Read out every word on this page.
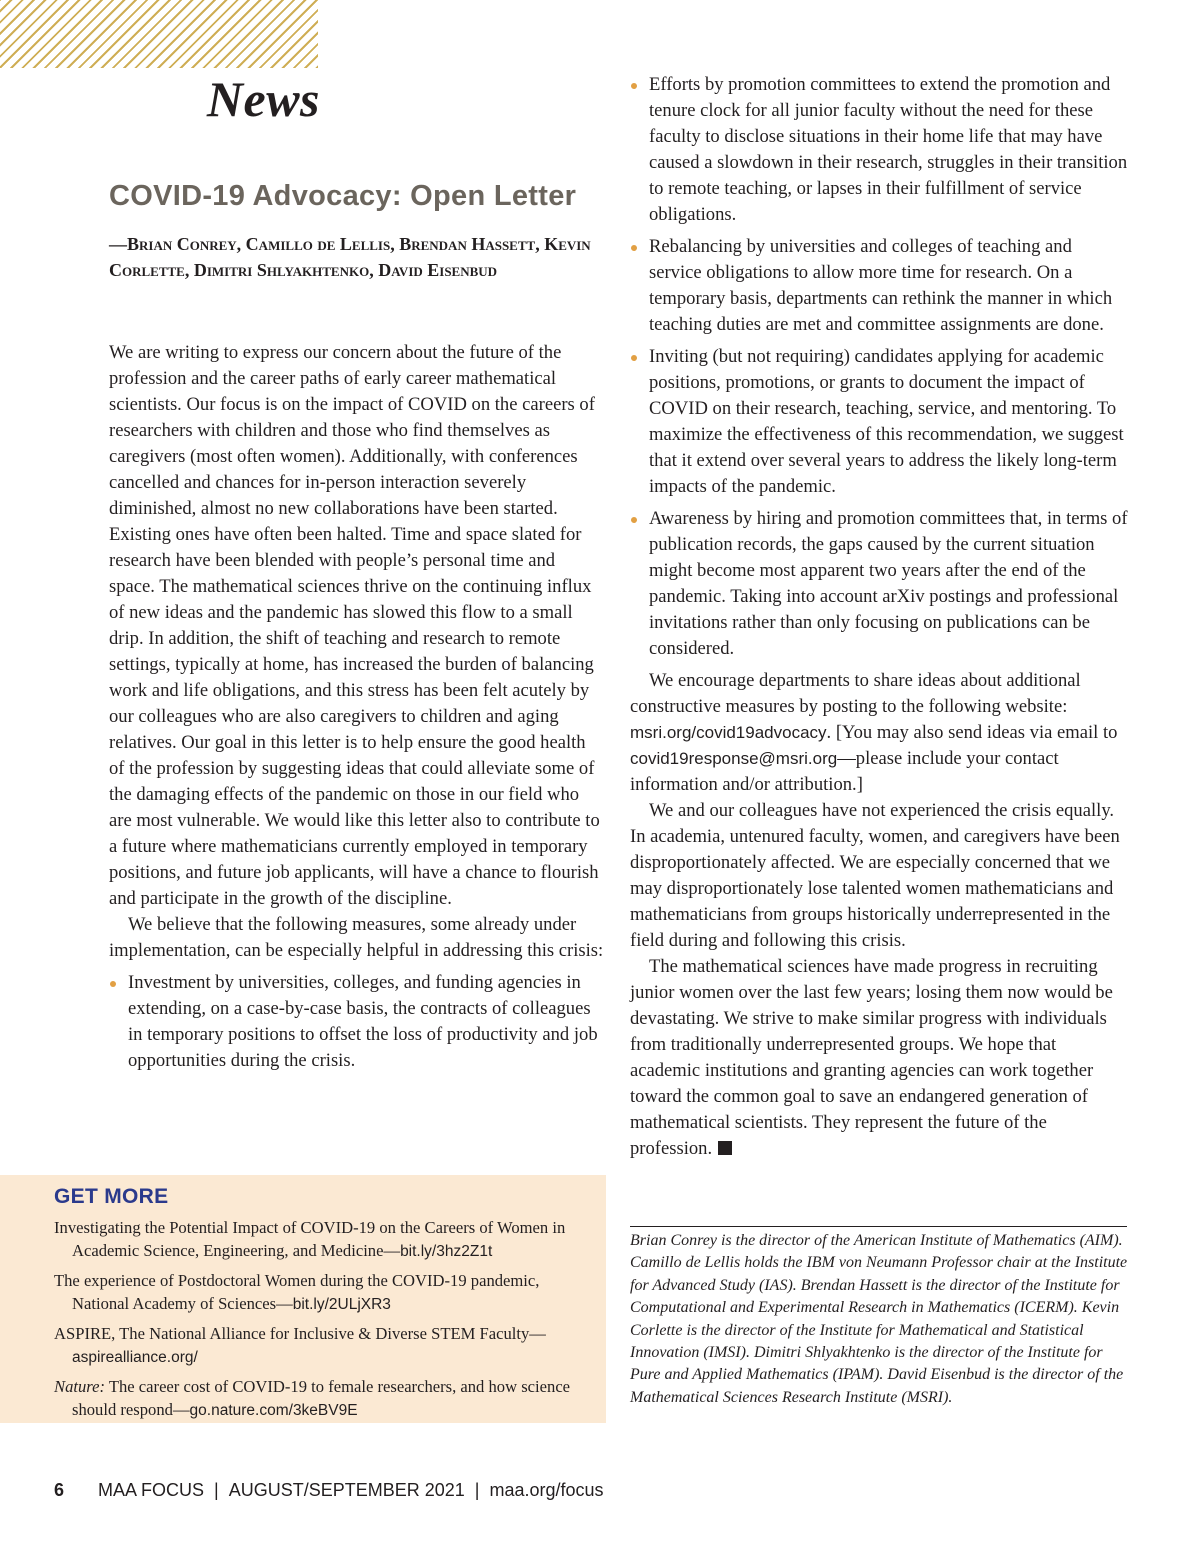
News
COVID-19 Advocacy: Open Letter
—Brian Conrey, Camillo de Lellis, Brendan Hassett, Kevin Corlette, Dimitri Shlyakhtenko, David Eisenbud

We are writing to express our concern about the future of the profession and the career paths of early career mathematical scientists. Our focus is on the impact of COVID on the careers of researchers with children and those who find themselves as caregivers (most often women). Additionally, with conferences cancelled and chances for in-person interaction severely diminished, almost no new collaborations have been started. Existing ones have often been halted. Time and space slated for research have been blended with people’s personal time and space. The mathematical sciences thrive on the continuing influx of new ideas and the pandemic has slowed this flow to a small drip. In addition, the shift of teaching and research to remote settings, typically at home, has increased the burden of balancing work and life obligations, and this stress has been felt acutely by our colleagues who are also caregivers to children and aging relatives. Our goal in this letter is to help ensure the good health of the profession by suggesting ideas that could alleviate some of the damaging effects of the pandemic on those in our field who are most vulnerable. We would like this letter also to contribute to a future where mathematicians currently employed in temporary positions, and future job applicants, will have a chance to flourish and participate in the growth of the discipline.

We believe that the following measures, some already under implementation, can be especially helpful in addressing this crisis:

Investment by universities, colleges, and funding agencies in extending, on a case-by-case basis, the contracts of colleagues in temporary positions to offset the loss of productivity and job opportunities during the crisis.
Efforts by promotion committees to extend the promotion and tenure clock for all junior faculty without the need for these faculty to disclose situations in their home life that may have caused a slowdown in their research, struggles in their transition to remote teaching, or lapses in their fulfillment of service obligations.
Rebalancing by universities and colleges of teaching and service obligations to allow more time for research. On a temporary basis, departments can rethink the manner in which teaching duties are met and committee assignments are done.
Inviting (but not requiring) candidates applying for academic positions, promotions, or grants to document the impact of COVID on their research, teaching, service, and mentoring. To maximize the effectiveness of this recommendation, we suggest that it extend over several years to address the likely long-term impacts of the pandemic.
Awareness by hiring and promotion committees that, in terms of publication records, the gaps caused by the current situation might become most apparent two years after the end of the pandemic. Taking into account arXiv postings and professional invitations rather than only focusing on publications can be considered.

We encourage departments to share ideas about additional constructive measures by posting to the following website: msri.org/covid19advocacy. [You may also send ideas via email to covid19response@msri.org—please include your contact information and/or attribution.]

We and our colleagues have not experienced the crisis equally. In academia, untenured faculty, women, and caregivers have been disproportionately affected. We are especially concerned that we may disproportionately lose talented women mathematicians and mathematicians from groups historically underrepresented in the field during and following this crisis.

The mathematical sciences have made progress in recruiting junior women over the last few years; losing them now would be devastating. We strive to make similar progress with individuals from traditionally underrepresented groups. We hope that academic institutions and granting agencies can work together toward the common goal to save an endangered generation of mathematical scientists. They represent the future of the profession.

Brian Conrey is the director of the American Institute of Mathematics (AIM). Camillo de Lellis holds the IBM von Neumann Professor chair at the Institute for Advanced Study (IAS). Brendan Hassett is the director of the Institute for Computational and Experimental Research in Mathematics (ICERM). Kevin Corlette is the director of the Institute for Mathematical and Statistical Innovation (IMSI). Dimitri Shlyakhtenko is the director of the Institute for Pure and Applied Mathematics (IPAM). David Eisenbud is the director of the Mathematical Sciences Research Institute (MSRI).
GET MORE
Investigating the Potential Impact of COVID-19 on the Careers of Women in Academic Science, Engineering, and Medicine—bit.ly/3hz2Z1t
The experience of Postdoctoral Women during the COVID-19 pandemic, National Academy of Sciences—bit.ly/2ULjXR3
ASPIRE, The National Alliance for Inclusive & Diverse STEM Faculty—aspirealliance.org/
Nature: The career cost of COVID-19 to female researchers, and how science should respond—go.nature.com/3keBV9E
6 MAA FOCUS | AUGUST/SEPTEMBER 2021 | maa.org/focus
